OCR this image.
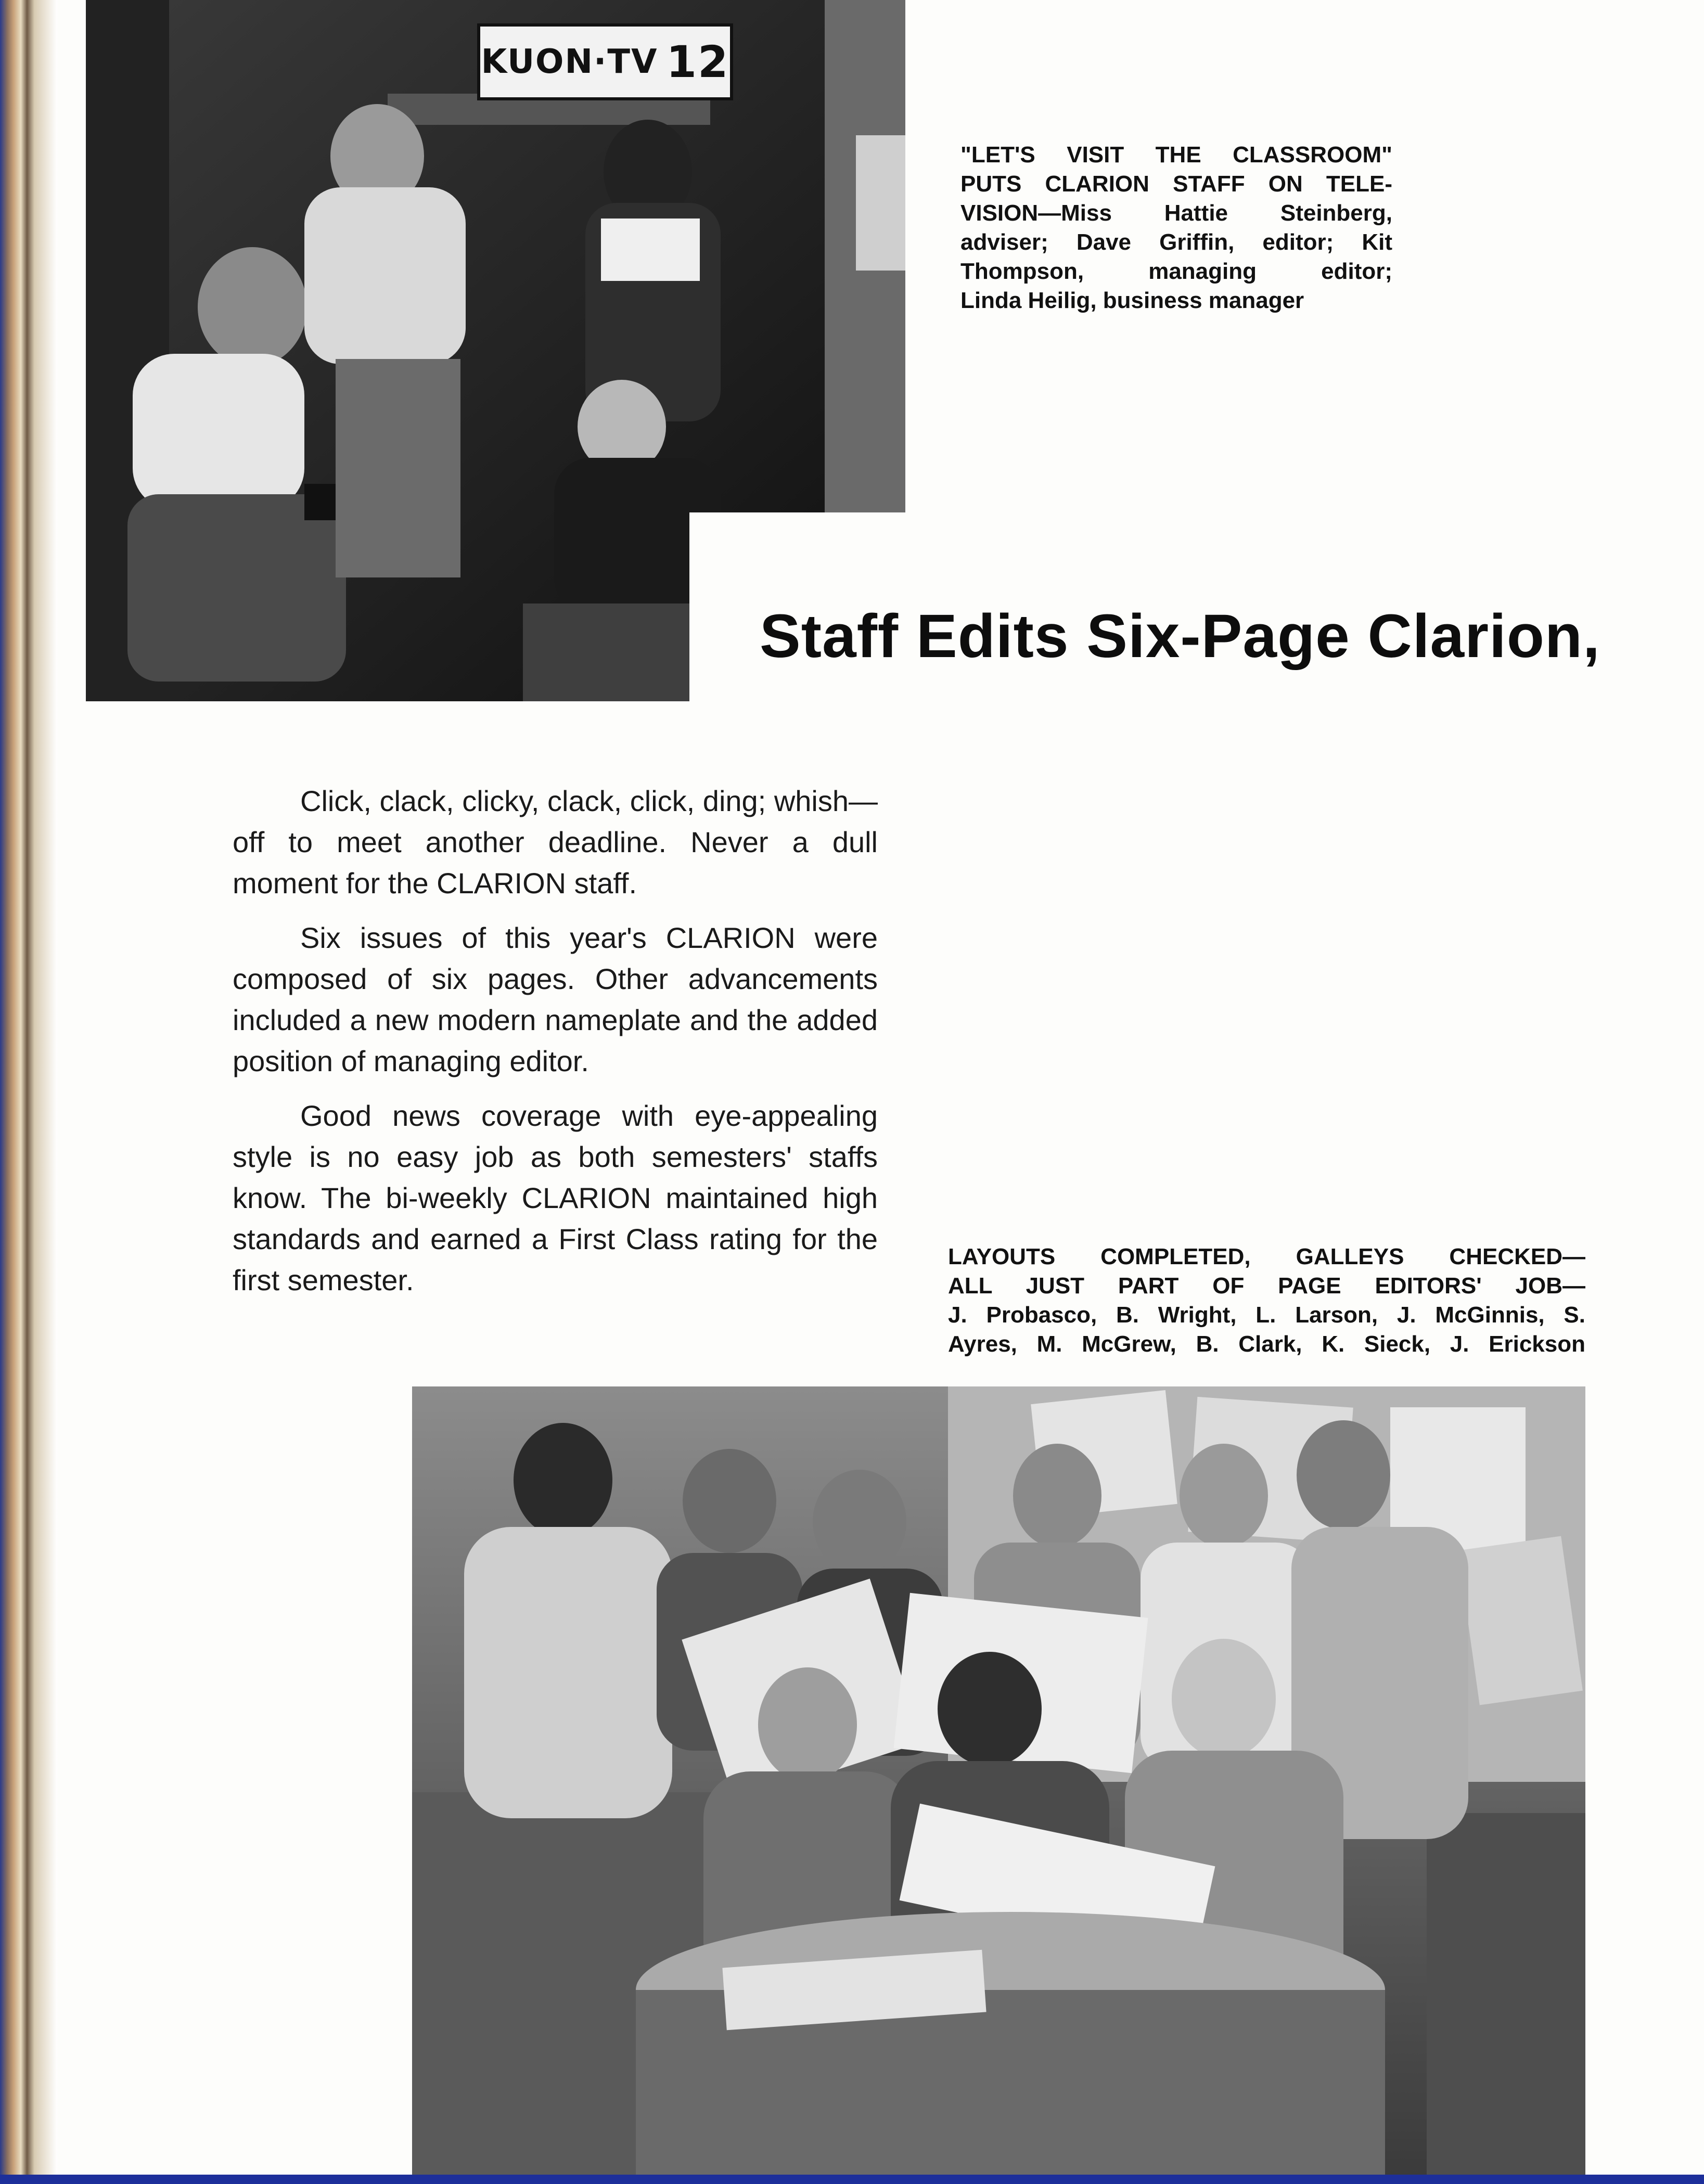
KUON·TV 12
"LET'S VISIT THE CLASSROOM"
PUTS CLARION STAFF ON TELE-
VISION—Miss Hattie Steinberg,
adviser; Dave Griffin, editor; Kit
Thompson, managing editor;
Linda Heilig, business manager
Staff Edits Six-Page Clarion,

Click, clack, clicky, clack, click, ding; whish—off to meet another deadline. Never a dull moment for the CLARION staff.

Six issues of this year's CLARION were composed of six pages. Other advancements included a new modern nameplate and the added position of managing editor.

Good news coverage with eye-appealing style is no easy job as both semesters' staffs know. The bi-weekly CLARION maintained high standards and earned a First Class rating for the first semester.

LAYOUTS COMPLETED, GALLEYS CHECKED—
ALL JUST PART OF PAGE EDITORS' JOB—
J. Probasco, B. Wright, L. Larson, J. McGinnis, S.
Ayres, M. McGrew, B. Clark, K. Sieck, J. Erickson
